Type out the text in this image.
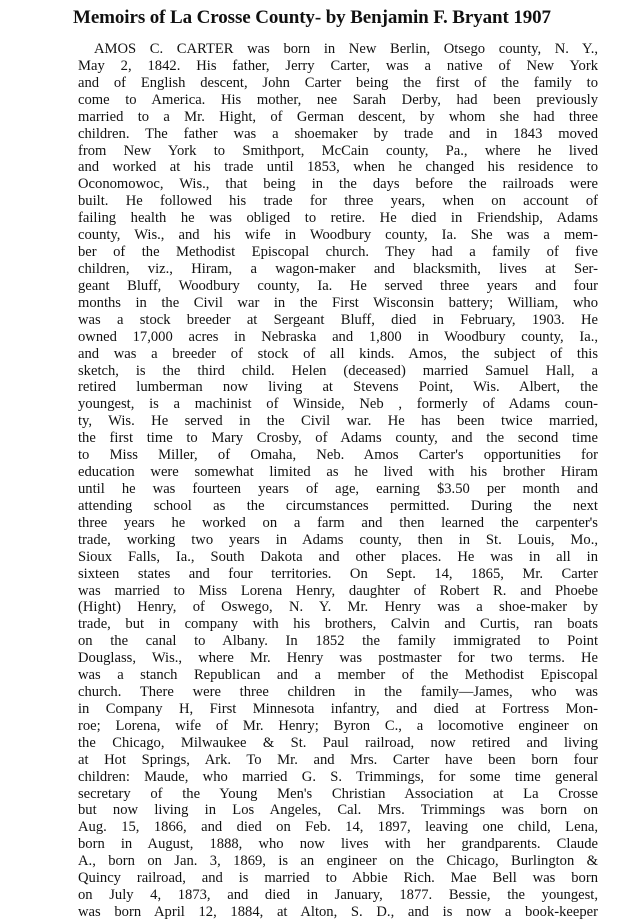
Memoirs of La Crosse County- by Benjamin F. Bryant 1907
AMOS C. CARTER was born in New Berlin, Otsego county, N. Y.,
May 2, 1842. His father, Jerry Carter, was a native of New York
and of English descent, John Carter being the first of the family to
come to America. His mother, nee Sarah Derby, had been previously
married to a Mr. Hight, of German descent, by whom she had three
children. The father was a shoemaker by trade and in 1843 moved
from New York to Smithport, McCain county, Pa., where he lived
and worked at his trade until 1853, when he changed his residence to
Oconomowoc, Wis., that being in the days before the railroads were
built. He followed his trade for three years, when on account of
failing health he was obliged to retire. He died in Friendship, Adams
county, Wis., and his wife in Woodbury county, Ia. She was a mem-
ber of the Methodist Episcopal church. They had a family of five
children, viz., Hiram, a wagon-maker and blacksmith, lives at Ser-
geant Bluff, Woodbury county, Ia. He served three years and four
months in the Civil war in the First Wisconsin battery; William, who
was a stock breeder at Sergeant Bluff, died in February, 1903. He
owned 17,000 acres in Nebraska and 1,800 in Woodbury county, Ia.,
and was a breeder of stock of all kinds. Amos, the subject of this
sketch, is the third child. Helen (deceased) married Samuel Hall, a
retired lumberman now living at Stevens Point, Wis. Albert, the
youngest, is a machinist of Winside, Neb , formerly of Adams coun-
ty, Wis. He served in the Civil war. He has been twice married,
the first time to Mary Crosby, of Adams county, and the second time
to Miss Miller, of Omaha, Neb. Amos Carter's opportunities for
education were somewhat limited as he lived with his brother Hiram
until he was fourteen years of age, earning $3.50 per month and
attending school as the circumstances permitted. During the next
three years he worked on a farm and then learned the carpenter's
trade, working two years in Adams county, then in St. Louis, Mo.,
Sioux Falls, Ia., South Dakota and other places. He was in all in
sixteen states and four territories. On Sept. 14, 1865, Mr. Carter
was married to Miss Lorena Henry, daughter of Robert R. and Phoebe
(Hight) Henry, of Oswego, N. Y. Mr. Henry was a shoe-maker by
trade, but in company with his brothers, Calvin and Curtis, ran boats
on the canal to Albany. In 1852 the family immigrated to Point
Douglass, Wis., where Mr. Henry was postmaster for two terms. He
was a stanch Republican and a member of the Methodist Episcopal
church. There were three children in the family—James, who was
in Company H, First Minnesota infantry, and died at Fortress Mon-
roe; Lorena, wife of Mr. Henry; Byron C., a locomotive engineer on
the Chicago, Milwaukee & St. Paul railroad, now retired and living
at Hot Springs, Ark. To Mr. and Mrs. Carter have been born four
children: Maude, who married G. S. Trimmings, for some time general
secretary of the Young Men's Christian Association at La Crosse
but now living in Los Angeles, Cal. Mrs. Trimmings was born on
Aug. 15, 1866, and died on Feb. 14, 1897, leaving one child, Lena,
born in August, 1888, who now lives with her grandparents. Claude
A., born on Jan. 3, 1869, is an engineer on the Chicago, Burlington &
Quincy railroad, and is married to Abbie Rich. Mae Bell was born
on July 4, 1873, and died in January, 1877. Bessie, the youngest,
was born April 12, 1884, at Alton, S. D., and is now a book-keeper
